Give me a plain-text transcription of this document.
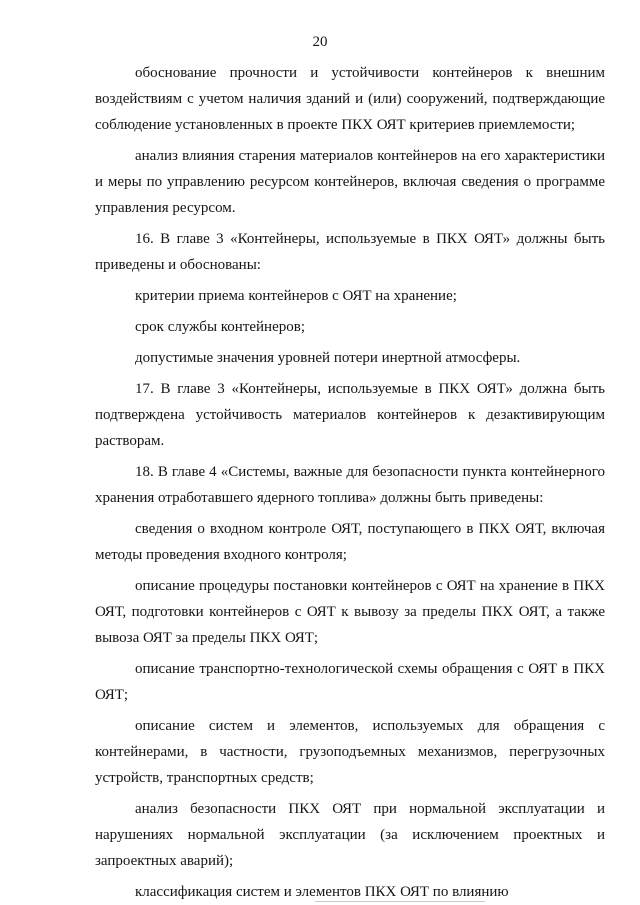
20

обоснование прочности и устойчивости контейнеров к внешним воздействиям с учетом наличия зданий и (или) сооружений, подтверждающие соблюдение установленных в проекте ПКХ ОЯТ критериев приемлемости;

анализ влияния старения материалов контейнеров на его характеристики и меры по управлению ресурсом контейнеров, включая сведения о программе управления ресурсом.

16. В главе 3 «Контейнеры, используемые в ПКХ ОЯТ» должны быть приведены и обоснованы:

критерии приема контейнеров с ОЯТ на хранение;

срок службы контейнеров;

допустимые значения уровней потери инертной атмосферы.

17. В главе 3 «Контейнеры, используемые в ПКХ ОЯТ» должна быть подтверждена устойчивость материалов контейнеров к дезактивирующим растворам.

18. В главе 4 «Системы, важные для безопасности пункта контейнерного хранения отработавшего ядерного топлива» должны быть приведены:

сведения о входном контроле ОЯТ, поступающего в ПКХ ОЯТ, включая методы проведения входного контроля;

описание процедуры постановки контейнеров с ОЯТ на хранение в ПКХ ОЯТ, подготовки контейнеров с ОЯТ к вывозу за пределы ПКХ ОЯТ, а также вывоза ОЯТ за пределы ПКХ ОЯТ;

описание транспортно-технологической схемы обращения с ОЯТ в ПКХ ОЯТ;

описание систем и элементов, используемых для обращения с контейнерами, в частности, грузоподъемных механизмов, перегрузочных устройств, транспортных средств;

анализ безопасности ПКХ ОЯТ при нормальной эксплуатации и нарушениях нормальной эксплуатации (за исключением проектных и запроектных аварий);

классификация систем и элементов ПКХ ОЯТ по влиянию
